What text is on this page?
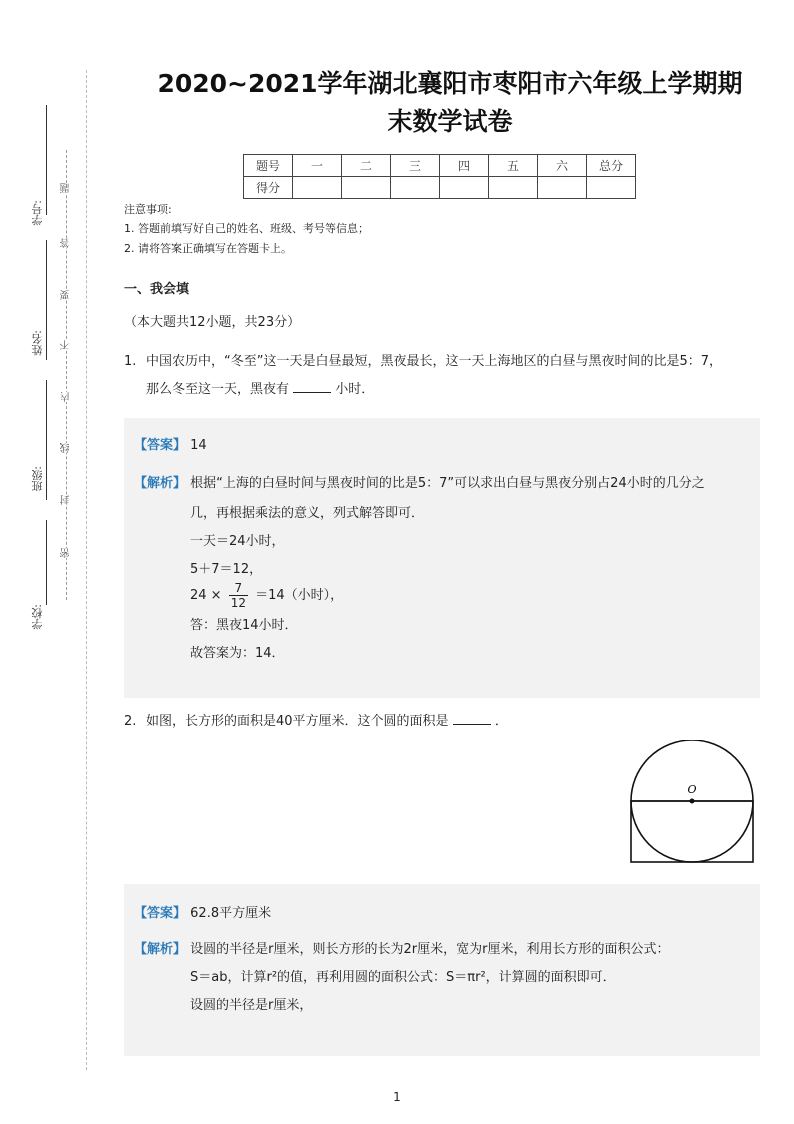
学号:
姓名:
班级:
学校:
题
答
要
不
内
线
封
密
2020~2021学年湖北襄阳市枣阳市六年级上学期期
末数学试卷
题号	一	二	三	四	五	六	总分
得分							
注意事项:
1. 答题前填写好自己的姓名、班级、考号等信息；
2. 请将答案正确填写在答题卡上。
一、我会填
（本大题共12小题，共23分）
1. 中国农历中，“冬至”这一天是白昼最短，黑夜最长，这一天上海地区的白昼与黑夜时间的比是5：7，
那么冬至这一天，黑夜有	小时．
【答案】 14
【解析】 根据“上海的白昼时间与黑夜时间的比是5：7”可以求出白昼与黑夜分别占24小时的几分之
几，再根据乘法的意义，列式解答即可．
一天＝24小时，
5＋7＝12，
$24 \times \frac{7}{12} =14$（小时），
答：黑夜14小时．
故答案为：14．
2. 如图，长方形的面积是40平方厘米．这个圆的面积是	．
O
【答案】 62.8平方厘米
【解析】 设圆的半径是r厘米，则长方形的长为2r厘米，宽为r厘米，利用长方形的面积公式：
S＝ab，计算r²的值，再利用圆的面积公式：S＝πr²，计算圆的面积即可．
设圆的半径是r厘米，
1
